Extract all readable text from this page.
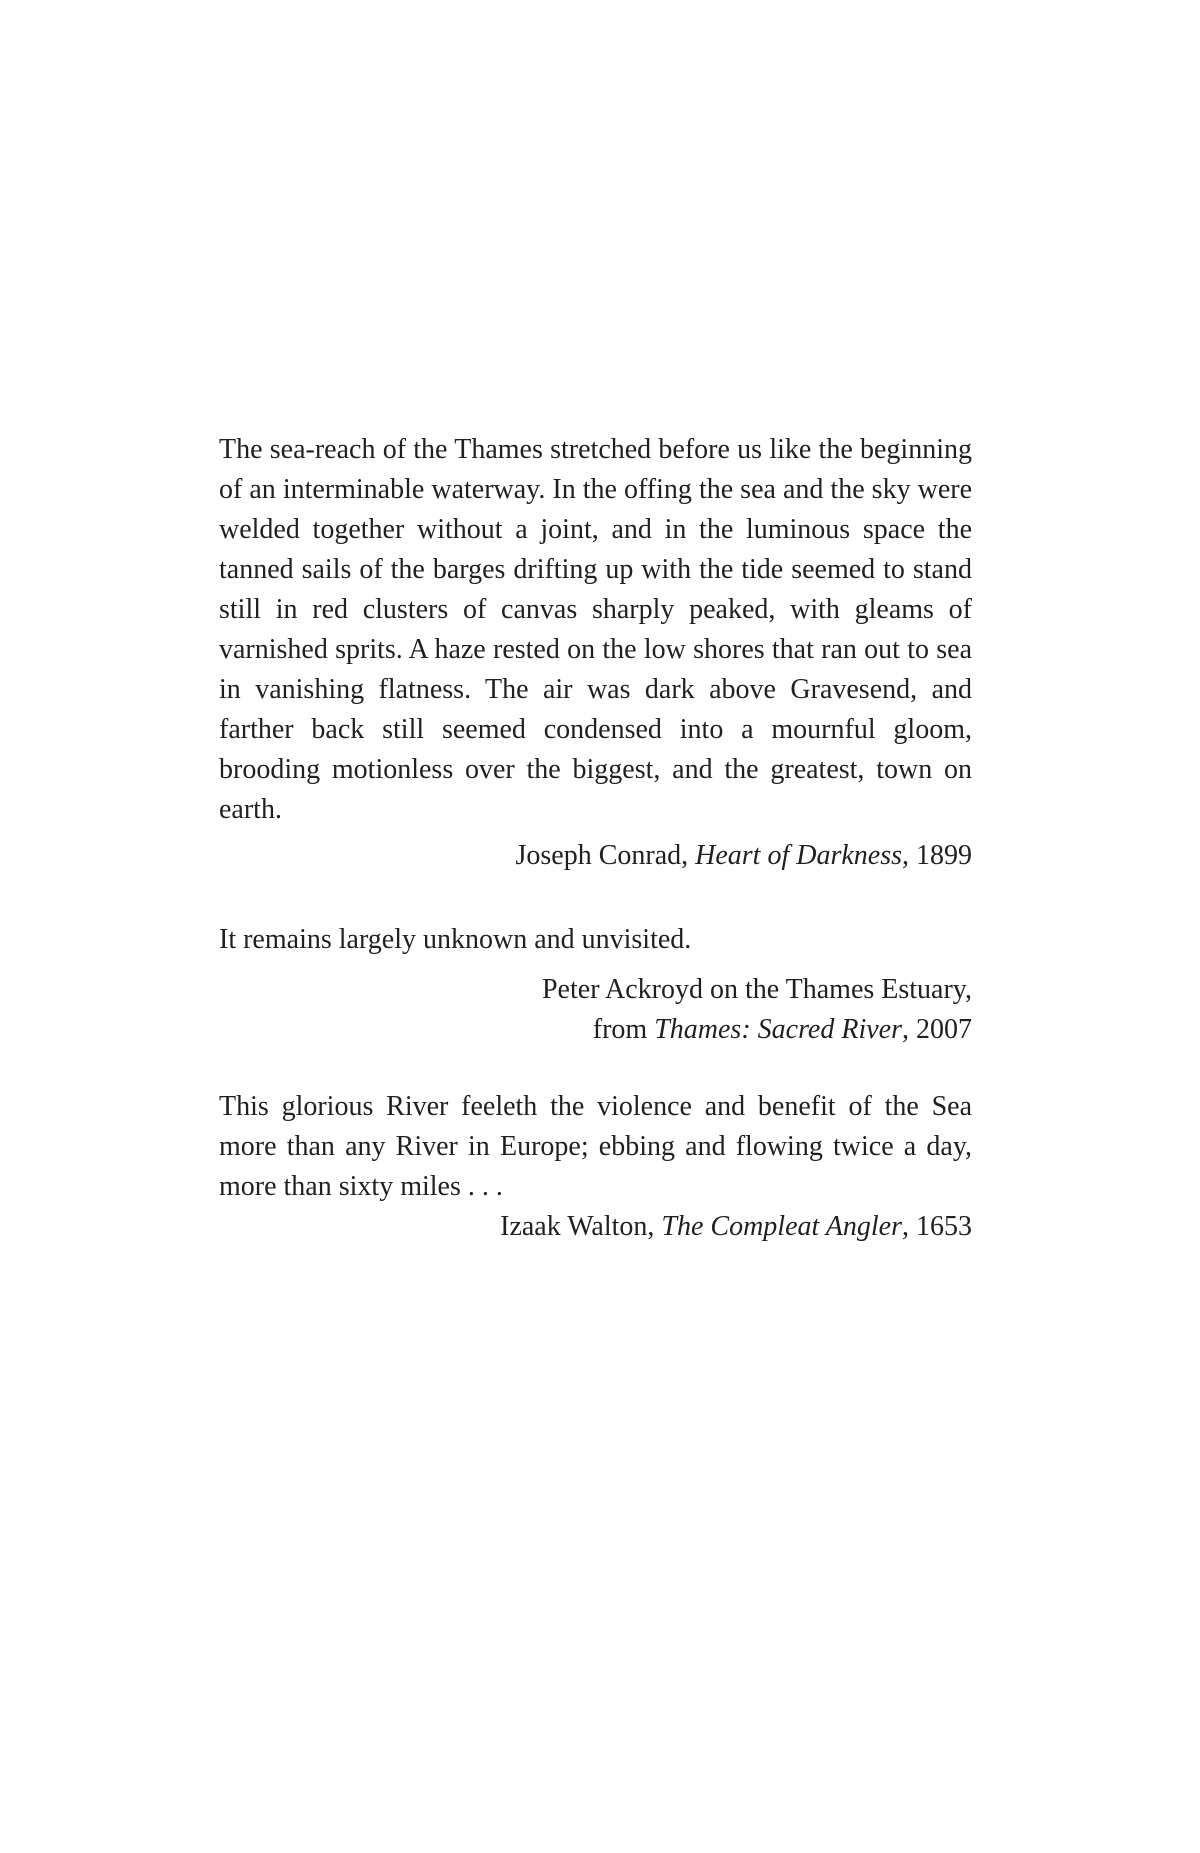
The sea-reach of the Thames stretched before us like the beginning of an interminable waterway. In the offing the sea and the sky were welded together without a joint, and in the luminous space the tanned sails of the barges drifting up with the tide seemed to stand still in red clusters of canvas sharply peaked, with gleams of varnished sprits. A haze rested on the low shores that ran out to sea in vanishing flatness. The air was dark above Gravesend, and farther back still seemed condensed into a mournful gloom, brooding motionless over the biggest, and the greatest, town on earth.

Joseph Conrad, Heart of Darkness, 1899

It remains largely unknown and unvisited.

Peter Ackroyd on the Thames Estuary,
from Thames: Sacred River, 2007

This glorious River feeleth the violence and benefit of the Sea more than any River in Europe; ebbing and flowing twice a day, more than sixty miles . . .

Izaak Walton, The Compleat Angler, 1653
